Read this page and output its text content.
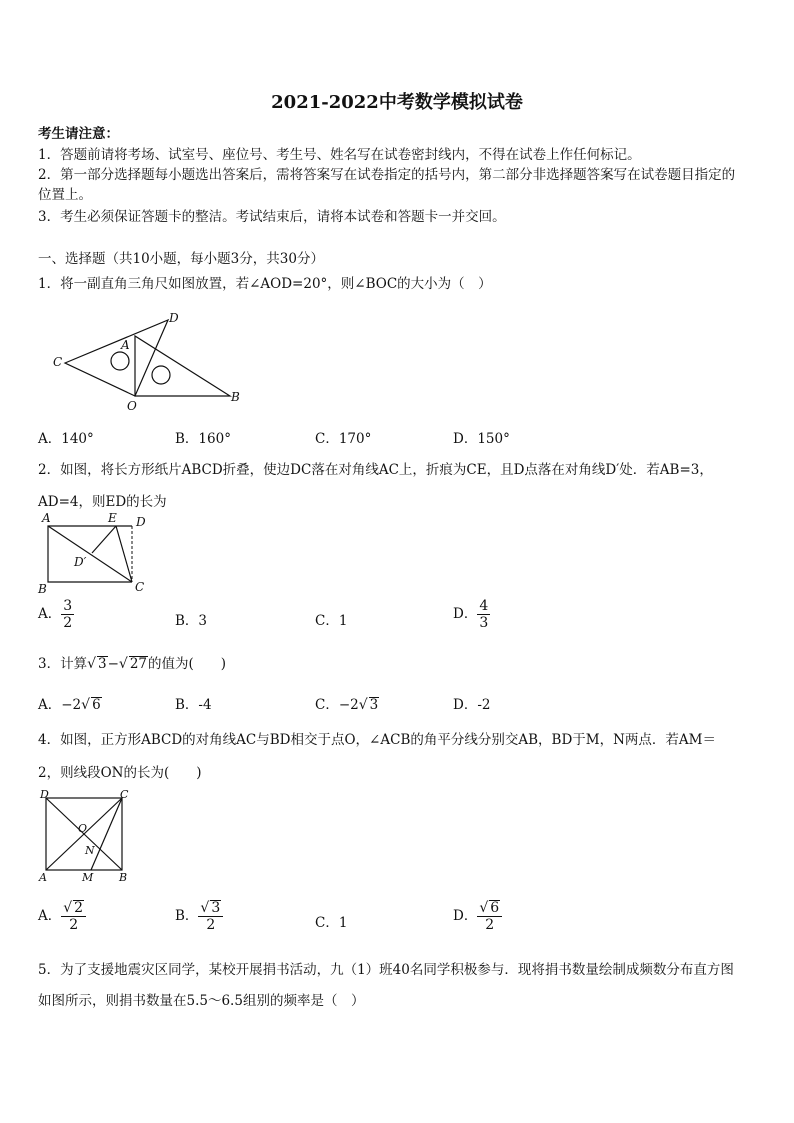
2021-2022中考数学模拟试卷
考生请注意：
1．答题前请将考场、试室号、座位号、考生号、姓名写在试卷密封线内，不得在试卷上作任何标记。
2．第一部分选择题每小题选出答案后，需将答案写在试卷指定的括号内，第二部分非选择题答案写在试卷题目指定的
位置上。
3．考生必须保证答题卡的整洁。考试结束后，请将本试卷和答题卡一并交回。
一、选择题（共10小题，每小题3分，共30分）
1．将一副直角三角尺如图放置，若∠AOD=20°，则∠BOC的大小为（　）
C
A
D
O
B
A．140°	B．160°	C．170°	D．150°
2．如图，将长方形纸片ABCD折叠，使边DC落在对角线AC上，折痕为CE，且D点落在对角线D′处．若AB=3，
AD=4，则ED的长为
A	E D
D′
B	C
A． $\frac{3}{2}$	B．3	C．1	D． $\frac{4}{3}$
3．计算√ 3−√ 27的值为(　　)
A．−2√ 6	B．-4	C．−2√ 3	D．-2
4．如图，正方形ABCD的对角线AC与BD相交于点O，∠ACB的角平分线分别交AB，BD于M，N两点．若AM＝
2，则线段ON的长为(　　)
D	C
O
N
A	M B
A． $\frac{√ 2}{2}$	B． $\frac{√ 3}{2}$	C．1	D． $\frac{√ 6}{2}$
5．为了支援地震灾区同学，某校开展捐书活动，九（1）班40名同学积极参与．现将捐书数量绘制成频数分布直方图
如图所示，则捐书数量在5.5～6.5组别的频率是（　）
